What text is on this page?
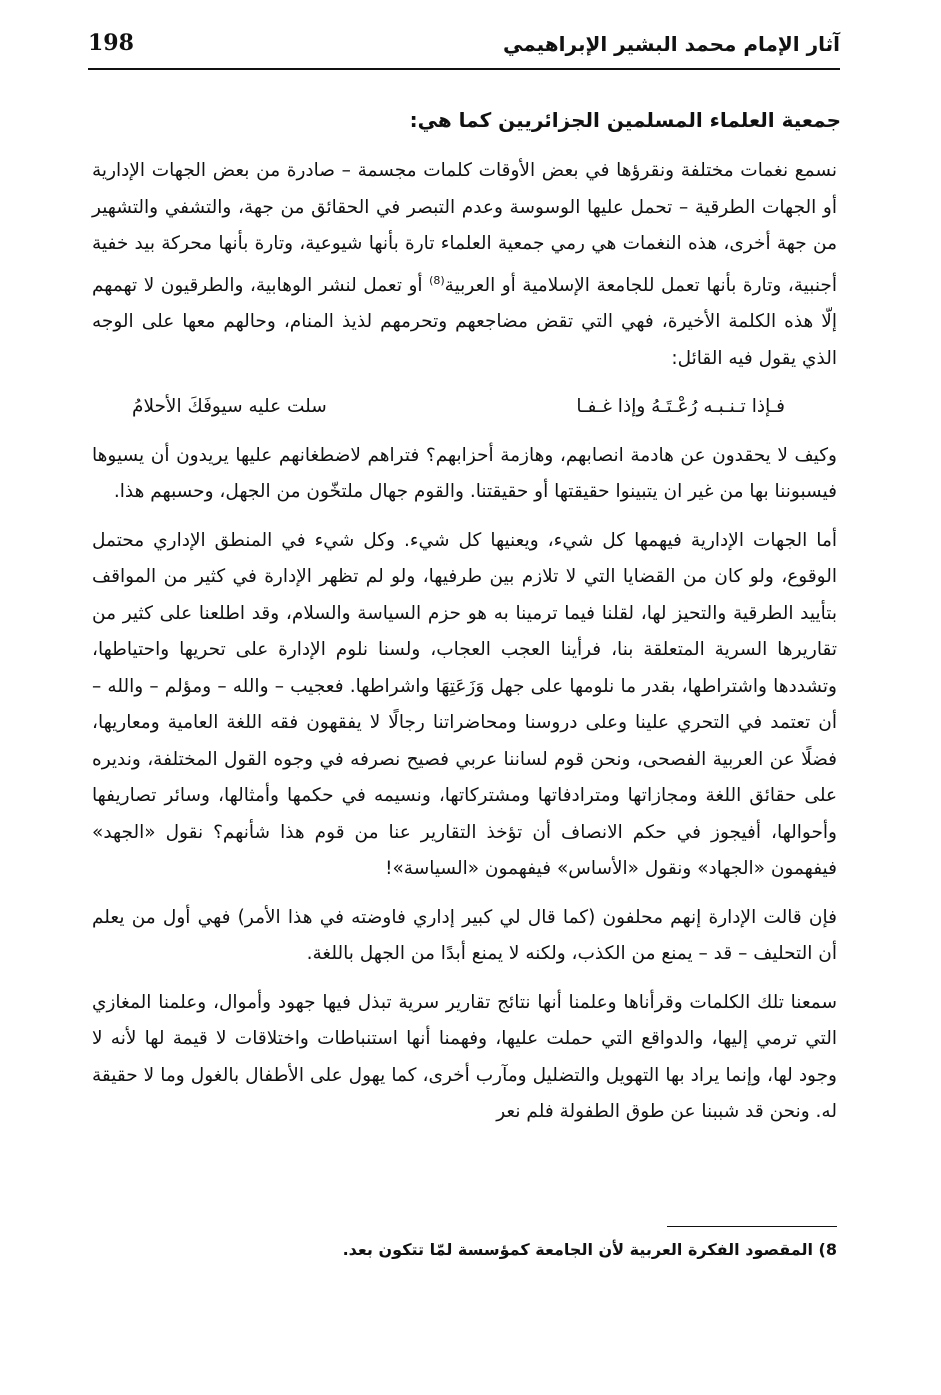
198	آثار الإمام محمد البشير الإبراهيمي
جمعية العلماء المسلمين الجزائريين كما هي:

نسمع نغمات مختلفة ونقرؤها في بعض الأوقات كلمات مجسمة – صادرة من بعض الجهات الإدارية أو الجهات الطرقية – تحمل عليها الوسوسة وعدم التبصر في الحقائق من جهة، والتشفي والتشهير من جهة أخرى، هذه النغمات هي رمي جمعية العلماء تارة بأنها شيوعية، وتارة بأنها محركة بيد خفية أجنبية، وتارة بأنها تعمل للجامعة الإسلامية أو العربية$^{(8)}$ أو تعمل لنشر الوهابية، والطرقيون لا تهمهم إلّا هذه الكلمة الأخيرة، فهي التي تقض مضاجعهم وتحرمهم لذيذ المنام، وحالهم معها على الوجه الذي يقول فيه القائل:

فـإذا تـنـبـه رُعْـتَـهُ وإذا غـفـا
سلت عليه سيوفَكَ الأحلامُ

وكيف لا يحقدون عن هادمة انصابهم، وهازمة أحزابهم؟ فتراهم لاضطغانهم عليها يريدون أن يسيوها فيسبوننا بها من غير ان يتبينوا حقيقتها أو حقيقتنا. والقوم جهال ملتخّون من الجهل، وحسبهم هذا.

أما الجهات الإدارية فيهمها كل شيء، ويعنيها كل شيء. وكل شيء في المنطق الإداري محتمل الوقوع، ولو كان من القضايا التي لا تلازم بين طرفيها، ولو لم تظهر الإدارة في كثير من المواقف بتأييد الطرقية والتحيز لها، لقلنا فيما ترمينا به هو حزم السياسة والسلام، وقد اطلعنا على كثير من تقاريرها السرية المتعلقة بنا، فرأينا العجب العجاب، ولسنا نلوم الإدارة على تحريها واحتياطها، وتشددها واشتراطها، بقدر ما نلومها على جهل وَزَعَتِهَا واشراطها. فعجيب – والله – ومؤلم – والله – أن تعتمد في التحري علينا وعلى دروسنا ومحاضراتنا رجالًا لا يفقهون فقه اللغة العامية ومعاريها، فضلًا عن العربية الفصحى، ونحن قوم لساننا عربي فصيح نصرفه في وجوه القول المختلفة، ونديره على حقائق اللغة ومجازاتها ومترادفاتها ومشتركاتها، ونسيمه في حكمها وأمثالها، وسائر تصاريفها وأحوالها، أفيجوز في حكم الانصاف أن تؤخذ التقارير عنا من قوم هذا شأنهم؟ نقول «الجهد» فيفهمون «الجهاد» ونقول «الأساس» فيفهمون «السياسة»!

فإن قالت الإدارة إنهم محلفون (كما قال لي كبير إداري فاوضته في هذا الأمر) فهي أول من يعلم أن التحليف – قد – يمنع من الكذب، ولكنه لا يمنع أبدًا من الجهل باللغة.

سمعنا تلك الكلمات وقرأناها وعلمنا أنها نتائج تقارير سرية تبذل فيها جهود وأموال، وعلمنا المغازي التي ترمي إليها، والدواقع التي حملت عليها، وفهمنا أنها استنباطات واختلاقات لا قيمة لها لأنه لا وجود لها، وإنما يراد بها التهويل والتضليل ومآرب أخرى، كما يهول على الأطفال بالغول وما لا حقيقة له. ونحن قد شببنا عن طوق الطفولة فلم نعر

8) المقصود الفكرة العربية لأن الجامعة كمؤسسة لمّا تتكون بعد.
